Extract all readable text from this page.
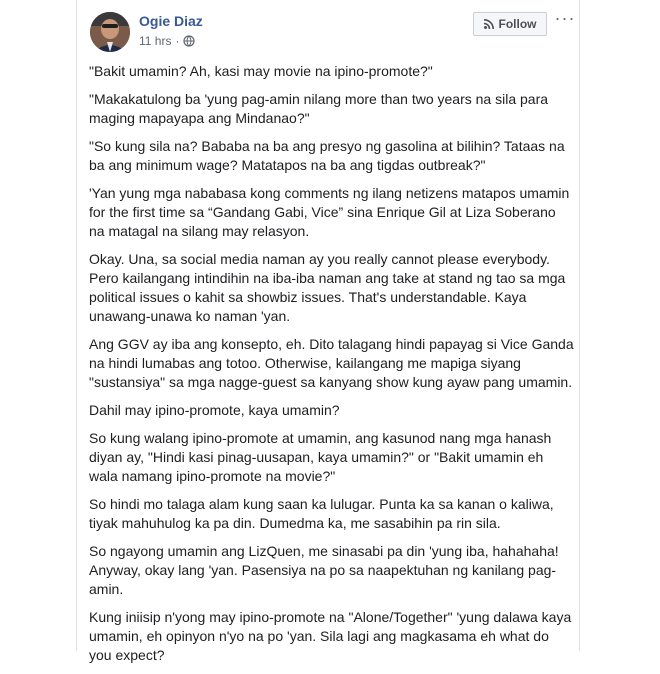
Ogie Diaz
11 hrs ·
Follow ···

"Bakit umamin? Ah, kasi may movie na ipino-promote?"

"Makakatulong ba 'yung pag-amin nilang more than two years na sila para maging mapayapa ang Mindanao?"

"So kung sila na? Bababa na ba ang presyo ng gasolina at bilihin? Tataas na ba ang minimum wage? Matatapos na ba ang tigdas outbreak?"

'Yan yung mga nababasa kong comments ng ilang netizens matapos umamin for the first time sa “Gandang Gabi, Vice” sina Enrique Gil at Liza Soberano na matagal na silang may relasyon.

Okay. Una, sa social media naman ay you really cannot please everybody. Pero kailangang intindihin na iba-iba naman ang take at stand ng tao sa mga political issues o kahit sa showbiz issues. That's understandable. Kaya unawang-unawa ko naman 'yan.

Ang GGV ay iba ang konsepto, eh. Dito talagang hindi papayag si Vice Ganda na hindi lumabas ang totoo. Otherwise, kailangang me mapiga siyang "sustansiya" sa mga nagge-guest sa kanyang show kung ayaw pang umamin.

Dahil may ipino-promote, kaya umamin?

So kung walang ipino-promote at umamin, ang kasunod nang mga hanash diyan ay, "Hindi kasi pinag-uusapan, kaya umamin?" or "Bakit umamin eh wala namang ipino-promote na movie?"

So hindi mo talaga alam kung saan ka lulugar. Punta ka sa kanan o kaliwa, tiyak mahuhulog ka pa din. Dumedma ka, me sasabihin pa rin sila.

So ngayong umamin ang LizQuen, me sinasabi pa din 'yung iba, hahahaha! Anyway, okay lang 'yan. Pasensiya na po sa naapektuhan ng kanilang pag-amin.

Kung iniisip n'yong may ipino-promote na "Alone/Together" 'yung dalawa kaya umamin, eh opinyon n'yo na po 'yan. Sila lagi ang magkasama eh what do you expect?
